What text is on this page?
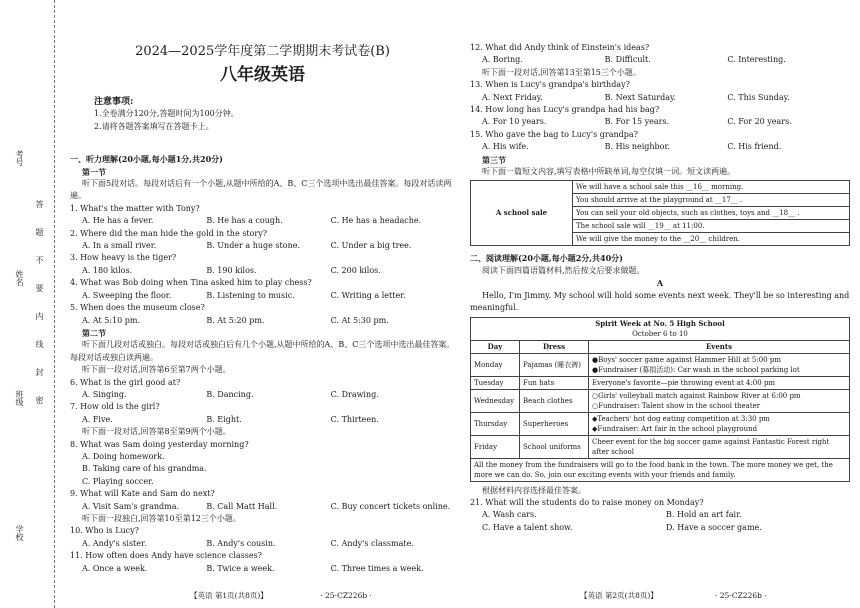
考号
姓名
班级
学校
答题不要内线封密
2024—2025学年度第二学期期末考试卷(B)
八年级英语
注意事项:
1.全卷满分120分,答题时间为100分钟。
2.请将各题答案填写在答题卡上。
一、听力理解(20小题,每小题1分,共20分)
第一节
听下面5段对话。每段对话后有一个小题,从题中所给的A、B、C三个选项中选出最佳答案。每段对话读两遍。
1. What's the matter with Tony?
A. He has a fever.	B. He has a cough.	C. He has a headache.
2. Where did the man hide the gold in the story?
A. In a small river.	B. Under a huge stone.	C. Under a big tree.
3. How heavy is the tiger?
A. 180 kilos.	B. 190 kilos.	C. 200 kilos.
4. What was Bob doing when Tina asked him to play chess?
A. Sweeping the floor.	B. Listening to music.	C. Writing a letter.
5. When does the museum close?
A. At 5:10 pm.	B. At 5:20 pm.	C. At 5:30 pm.
第二节
听下面几段对话或独白。每段对话或独白后有几个小题,从题中所给的A、B、C三个选项中选出最佳答案。每段对话或独白读两遍。
听下面一段对话,回答第6至第7两个小题。
6. What is the girl good at?
A. Singing.	B. Dancing.	C. Drawing.
7. How old is the girl?
A. Five.	B. Eight.	C. Thirteen.
听下面一段对话,回答第8至第9两个小题。
8. What was Sam doing yesterday morning?
A. Doing homework.
B. Taking care of his grandma.
C. Playing soccer.
9. What will Kate and Sam do next?
A. Visit Sam's grandma.	B. Call Matt Hall.	C. Buy concert tickets online.
听下面一段独白,回答第10至第12三个小题。
10. Who is Lucy?
A. Andy's sister.	B. Andy's cousin.	C. Andy's classmate.
11. How often does Andy have science classes?
A. Once a week.	B. Twice a week.	C. Three times a week.
【英语 第1页(共8页)】	· 25-CZ226b ·
12. What did Andy think of Einstein's ideas?
A. Boring.	B. Difficult.	C. Interesting.
听下面一段对话,回答第13至第15三个小题。
13. When is Lucy's grandpa's birthday?
A. Next Friday.	B. Next Saturday.	C. This Sunday.
14. How long has Lucy's grandpa had his bag?
A. For 10 years.	B. For 15 years.	C. For 20 years.
15. Who gave the bag to Lucy's grandpa?
A. His wife.	B. His neighbor.	C. His friend.
第三节
听下面一篇短文内容,填写表格中所缺单词,每空仅填一词。短文读两遍。
A school sale	We will have a school sale this __16__ morning.
You should arrive at the playground at __17__ .
You can sell your old objects, such as clothes, toys and __18__ .
The school sale will __19__ at 11:00.
We will give the money to the __20__ children.
二、阅读理解(20小题,每小题2分,共40分)
阅读下面四篇语篇材料,然后按文后要求做题。
A
Hello, I'm Jimmy. My school will hold some events next week. They'll be so interesting and meaningful.
Spirit Week at No. 5 High School
October 6 to 10		
Day	Dress	Events
Monday	Pajamas (睡衣裤)	●Boys' soccer game against Hammer Hill at 5:00 pm
●Fundraiser (募捐活动): Car wash in the school parking lot

Tuesday	Fun hats	Everyone's favorite—pie throwing event at 4:00 pm

Wednesday	Beach clothes	○Girls' volleyball match against Rainbow River at 6:00 pm
○Fundraiser: Talent show in the school theater

Thursday	Superheroes	◆Teachers' hot dog eating competition at 3:30 pm
◆Fundraiser: Art fair in the school playground

Friday	School uniforms	Cheer event for the big soccer game against Fantastic Forest right after school

All the money from the fundraisers will go to the food bank in the town. The more money we get, the more we can do. So, join our exciting events with your friends and family.		
根据材料内容选择最佳答案。
21. What will the students do to raise money on Monday?
A. Wash cars.	B. Hold an art fair.
C. Have a talent show.	D. Have a soccer game.
【英语 第2页(共8页)】	· 25-CZ226b ·
